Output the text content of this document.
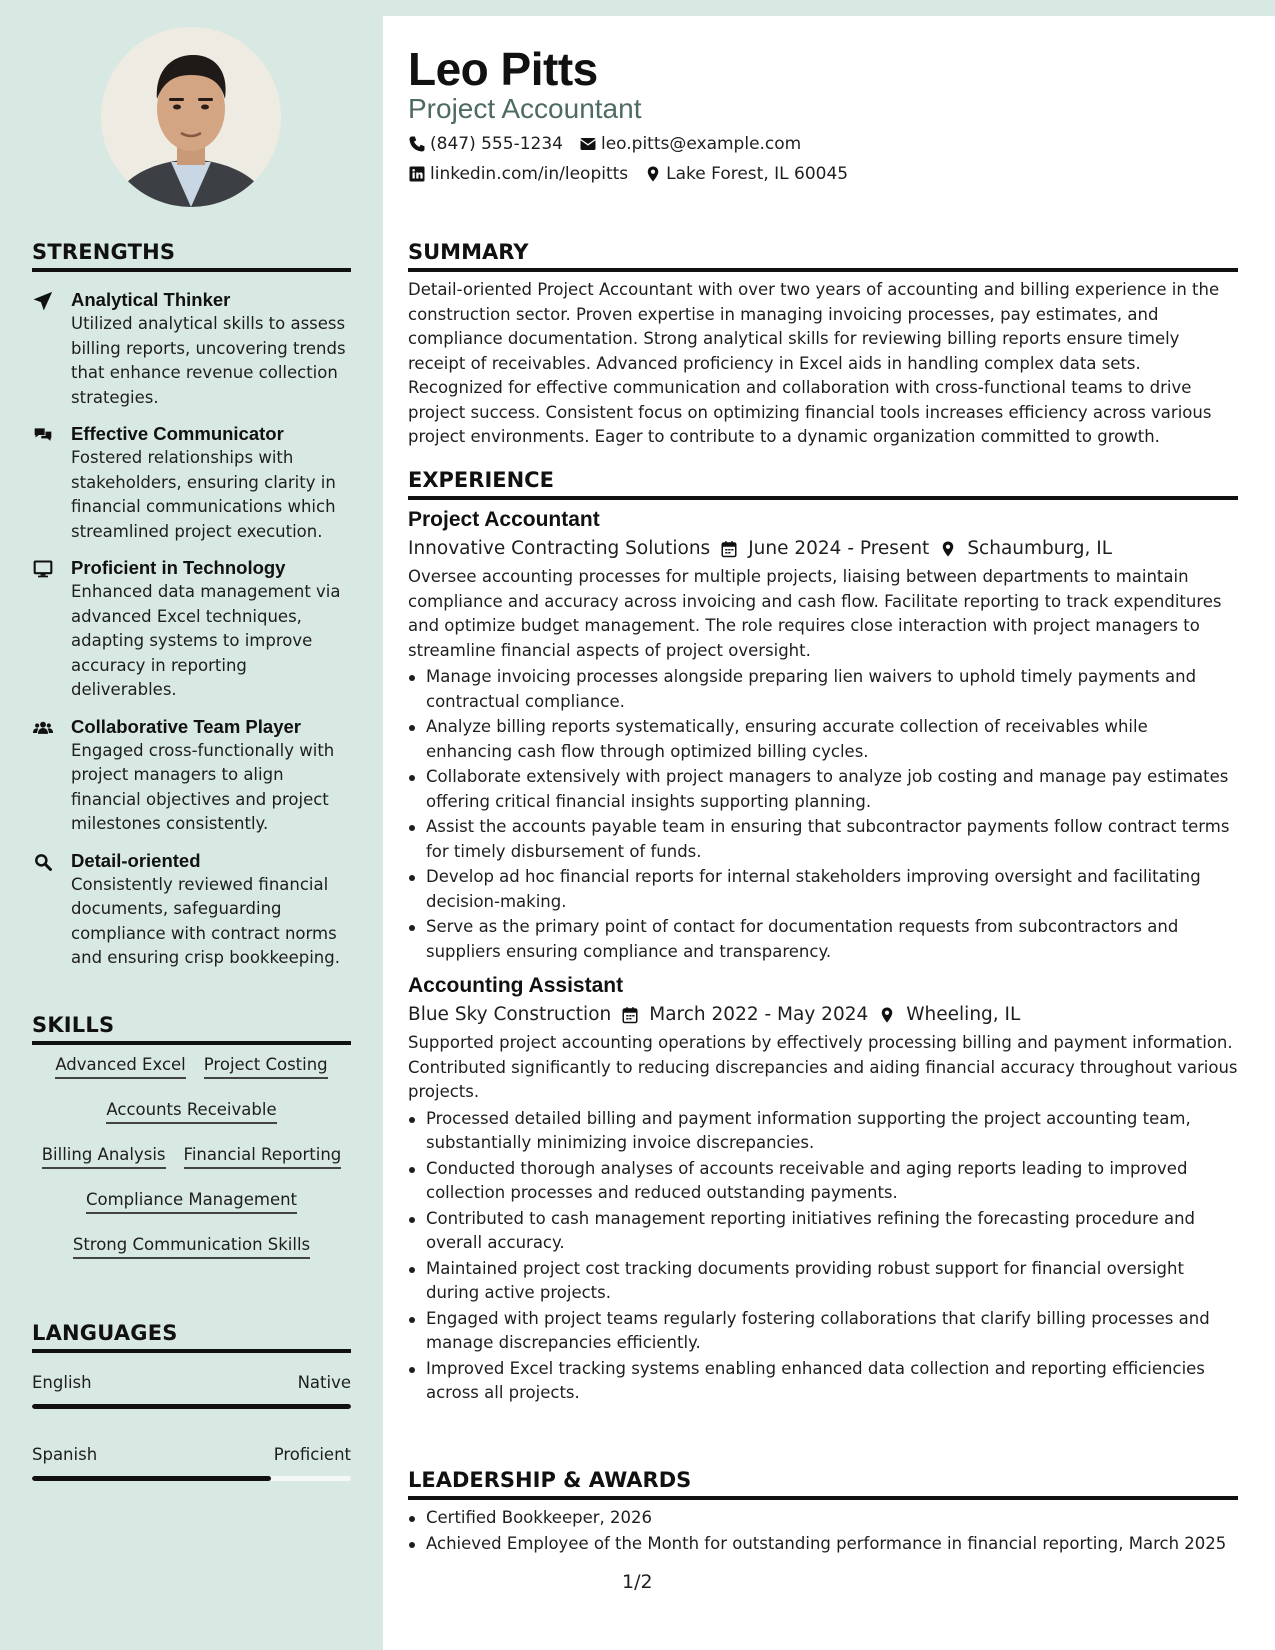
STRENGTHS
Analytical Thinker
Utilized analytical skills to assess billing reports, uncovering trends that enhance revenue collection strategies.
Effective Communicator
Fostered relationships with stakeholders, ensuring clarity in financial communications which streamlined project execution.
Proficient in Technology
Enhanced data management via advanced Excel techniques, adapting systems to improve accuracy in reporting deliverables.
Collaborative Team Player
Engaged cross-functionally with project managers to align financial objectives and project milestones consistently.
Detail-oriented
Consistently reviewed financial documents, safeguarding compliance with contract norms and ensuring crisp bookkeeping.
SKILLS
Advanced Excel Project Costing
Accounts Receivable
Billing Analysis Financial Reporting
Compliance Management
Strong Communication Skills
LANGUAGES
English	Native
Spanish	Proficient
Leo Pitts
Project Accountant
(847) 555-1234 leo.pitts@example.com
linkedin.com/in/leopitts Lake Forest, IL 60045
SUMMARY

Detail-oriented Project Accountant with over two years of accounting and billing experience in the construction sector. Proven expertise in managing invoicing processes, pay estimates, and compliance documentation. Strong analytical skills for reviewing billing reports ensure timely receipt of receivables. Advanced proficiency in Excel aids in handling complex data sets. Recognized for effective communication and collaboration with cross-functional teams to drive project success. Consistent focus on optimizing financial tools increases efficiency across various project environments. Eager to contribute to a dynamic organization committed to growth.

EXPERIENCE
Project Accountant
Innovative Contracting Solutions June 2024 - Present Schaumburg, IL

Oversee accounting processes for multiple projects, liaising between departments to maintain compliance and accuracy across invoicing and cash flow. Facilitate reporting to track expenditures and optimize budget management. The role requires close interaction with project managers to streamline financial aspects of project oversight.

Manage invoicing processes alongside preparing lien waivers to uphold timely payments and contractual compliance.
Analyze billing reports systematically, ensuring accurate collection of receivables while enhancing cash flow through optimized billing cycles.
Collaborate extensively with project managers to analyze job costing and manage pay estimates offering critical financial insights supporting planning.
Assist the accounts payable team in ensuring that subcontractor payments follow contract terms for timely disbursement of funds.
Develop ad hoc financial reports for internal stakeholders improving oversight and facilitating decision-making.
Serve as the primary point of contact for documentation requests from subcontractors and suppliers ensuring compliance and transparency.
Accounting Assistant
Blue Sky Construction March 2022 - May 2024 Wheeling, IL

Supported project accounting operations by effectively processing billing and payment information. Contributed significantly to reducing discrepancies and aiding financial accuracy throughout various projects.

Processed detailed billing and payment information supporting the project accounting team, substantially minimizing invoice discrepancies.
Conducted thorough analyses of accounts receivable and aging reports leading to improved collection processes and reduced outstanding payments.
Contributed to cash management reporting initiatives refining the forecasting procedure and overall accuracy.
Maintained project cost tracking documents providing robust support for financial oversight during active projects.
Engaged with project teams regularly fostering collaborations that clarify billing processes and manage discrepancies efficiently.
Improved Excel tracking systems enabling enhanced data collection and reporting efficiencies across all projects.
LEADERSHIP & AWARDS
Certified Bookkeeper, 2026
Achieved Employee of the Month for outstanding performance in financial reporting, March 2025
1/2
